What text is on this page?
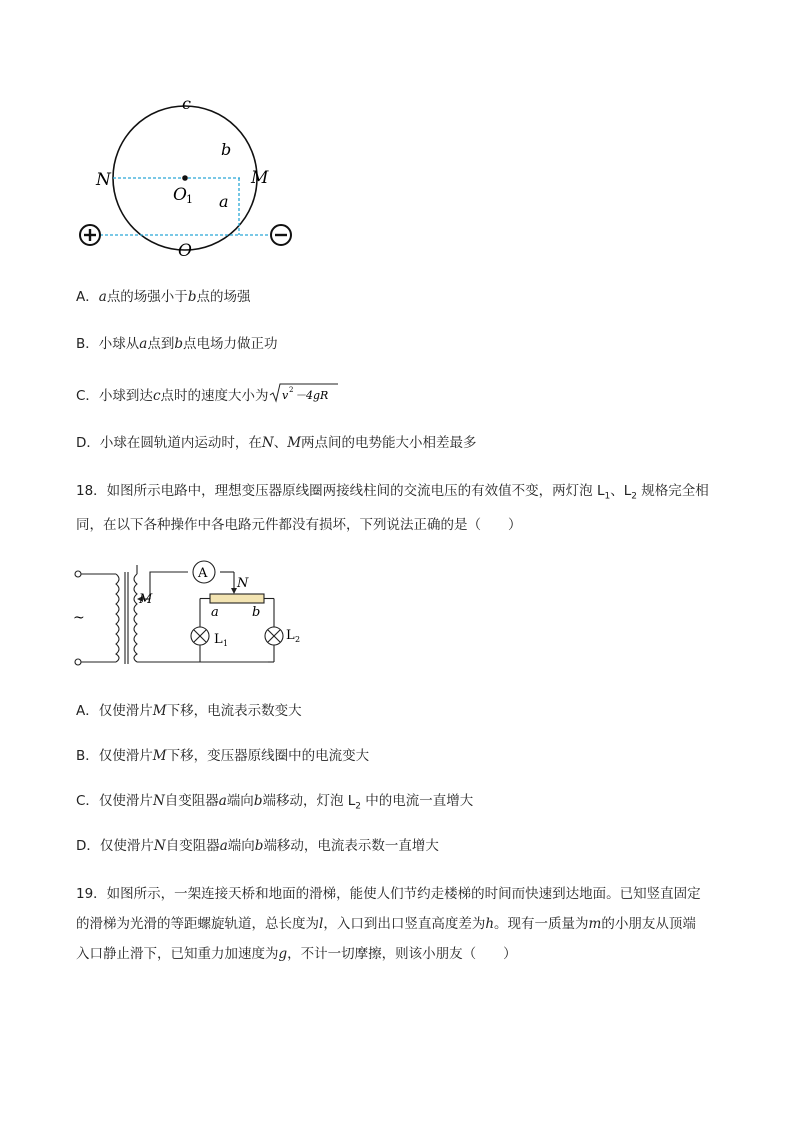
c
b
N	M
O 1 a
O
A．a点的场强小于b点的场强
B．小球从a点到b点电场力做正功
C．小球到达c点时的速度大小为 v 2 －4gR
D．小球在圆轨道内运动时，在N、M两点间的电势能大小相差最多
18．如图所示电路中，理想变压器原线圈两接线柱间的交流电压的有效值不变，两灯泡 $L_1$、$L_2$ 规格完全相
同，在以下各种操作中各电路元件都没有损坏，下列说法正确的是（　　）
A
~
M
N
a	b
L 1
L 2
A．仅使滑片M下移，电流表示数变大
B．仅使滑片M下移，变压器原线圈中的电流变大
C．仅使滑片N自变阻器a端向b端移动，灯泡 $L_2$ 中的电流一直增大
D．仅使滑片N自变阻器a端向b端移动，电流表示数一直增大
19．如图所示，一架连接天桥和地面的滑梯，能使人们节约走楼梯的时间而快速到达地面。已知竖直固定
的滑梯为光滑的等距螺旋轨道，总长度为l，入口到出口竖直高度差为h。现有一质量为m的小朋友从顶端
入口静止滑下，已知重力加速度为g，不计一切摩擦，则该小朋友（　　）
